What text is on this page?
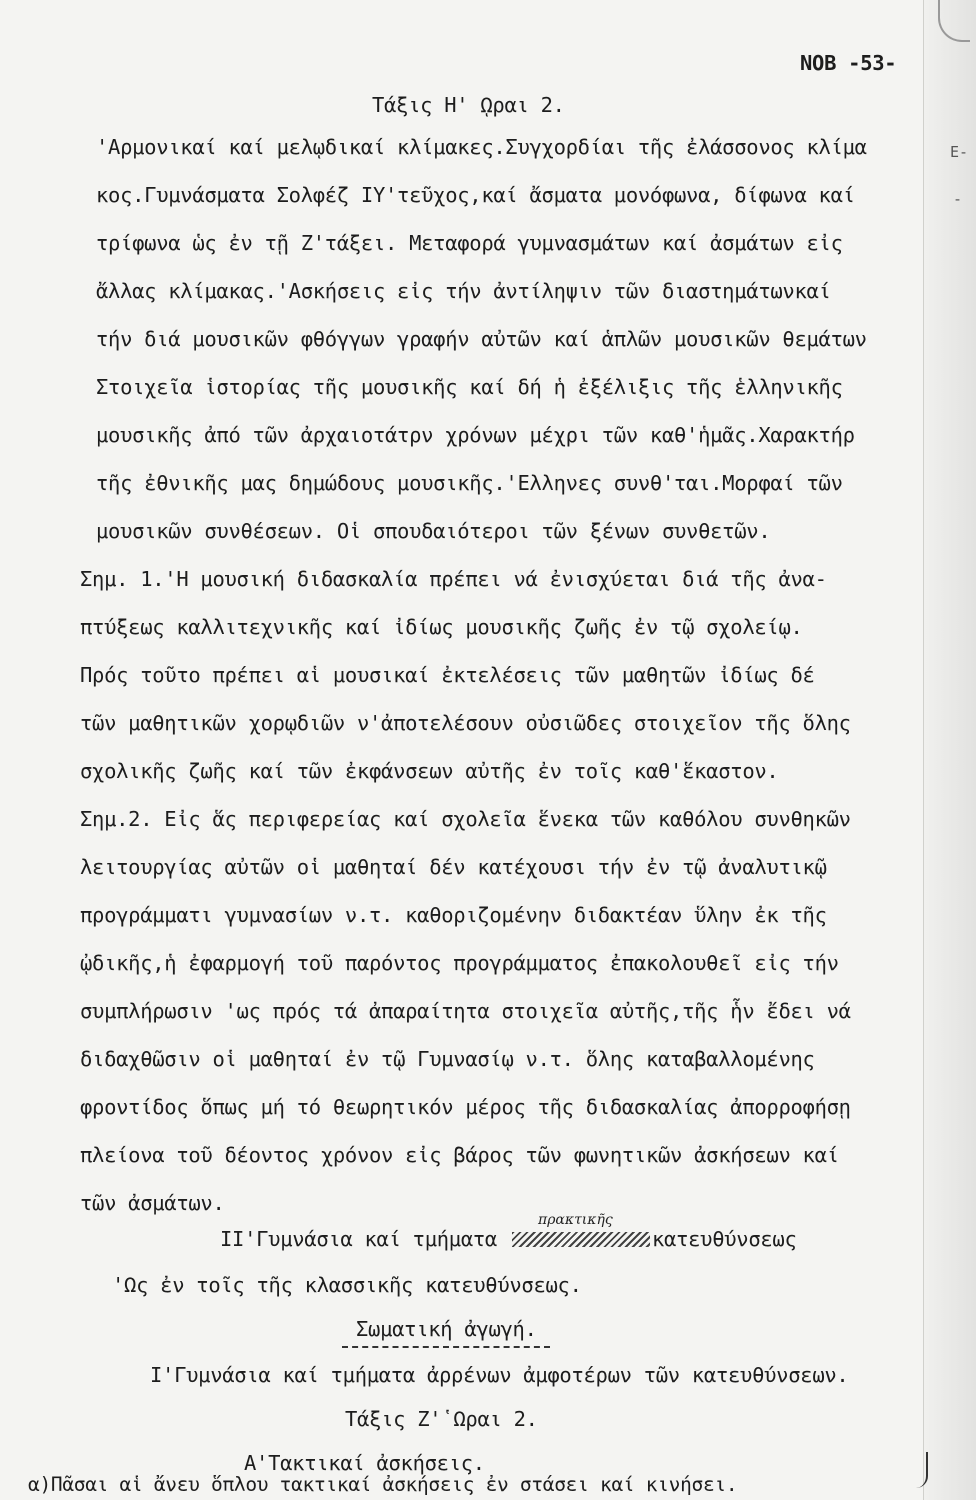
Ε-
-
ΝΟΒ -53-
Τάξις Η' ῼραι 2.
'Αρμονικαί καί μελῳδικαί κλίμακες.Συγχορδίαι τῆς ἐλάσσονος κλίμα
κος.Γυμνάσματα Σολφέζ ΙΥ'τεῦχος,καί ἄσματα μονόφωνα, δίφωνα καί
τρίφωνα ὡς ἐν τῇ Ζ'τάξει. Μεταφορά γυμνασμάτων καί ἀσμάτων εἰς
ἄλλας κλίμακας.'Ασκήσεις εἰς τήν ἀντίληψιν τῶν διαστημάτωνκαί
τήν διά μουσικῶν φθόγγων γραφήν αὐτῶν καί ἁπλῶν μουσικῶν θεμάτων
Στοιχεῖα ἱστορίας τῆς μουσικῆς καί δή ἡ ἐξέλιξις τῆς ἑλληνικῆς
μουσικῆς ἀπό τῶν ἀρχαιοτάτρν χρόνων μέχρι τῶν καθ'ἡμᾶς.Χαρακτήρ
τῆς ἐθνικῆς μας δημώδους μουσικῆς.'Ελληνες συνθ'ται.Μορφαί τῶν
μουσικῶν συνθέσεων. Οἱ σπουδαιότεροι τῶν ξένων συνθετῶν.
Σημ. 1.'Η μουσική διδασκαλία πρέπει νά ἐνισχύεται διά τῆς ἀνα-
πτύξεως καλλιτεχνικῆς καί ἰδίως μουσικῆς ζωῆς ἐν τῷ σχολείῳ.
Πρός τοῦτο πρέπει αἱ μουσικαί ἐκτελέσεις τῶν μαθητῶν ἰδίως δέ
τῶν μαθητικῶν χορῳδιῶν ν'ἀποτελέσουν οὐσιῶδες στοιχεῖον τῆς ὅλης
σχολικῆς ζωῆς καί τῶν ἐκφάνσεων αὐτῆς ἐν τοῖς καθ'ἕκαστον.
Σημ.2. Εἰς ἅς περιφερείας καί σχολεῖα ἕνεκα τῶν καθόλου συνθηκῶν
λειτουργίας αὐτῶν οἱ μαθηταί δέν κατέχουσι τήν ἐν τῷ ἀναλυτικῷ
προγράμματι γυμνασίων ν.τ. καθοριζομένην διδακτέαν ὕλην ἐκ τῆς
ᾠδικῆς,ἡ ἐφαρμογή τοῦ παρόντος προγράμματος ἐπακολουθεῖ εἰς τήν
συμπλήρωσιν 'ως πρός τά ἀπαραίτητα στοιχεῖα αὐτῆς,τῆς ἧν ἔδει νά
διδαχθῶσιν οἱ μαθηταί ἐν τῷ Γυμνασίῳ ν.τ. ὅλης καταβαλλομένης
φροντίδος ὅπως μή τό θεωρητικόν μέρος τῆς διδασκαλίας ἀπορροφήσῃ
πλείονα τοῦ δέοντος χρόνον εἰς βάρος τῶν φωνητικῶν ἀσκήσεων καί
τῶν ἀσμάτων.
ΙΙ'Γυμνάσια καί τμήματα
πρακτικῆς
κατευθύνσεως
'Ως ἐν τοῖς τῆς κλασσικῆς κατευθύνσεως.
Σωματική ἀγωγή.
Ι'Γυμνάσια καί τμήματα ἀρρένων ἀμφοτέρων τῶν κατευθύνσεων.
Τάξις Ζ'῾Ωραι 2.
Α'Τακτικαί ἀσκήσεις.
α)Πᾶσαι αἱ ἄνευ ὅπλου τακτικαί ἀσκήσεις ἐν στάσει καί κινήσει.
